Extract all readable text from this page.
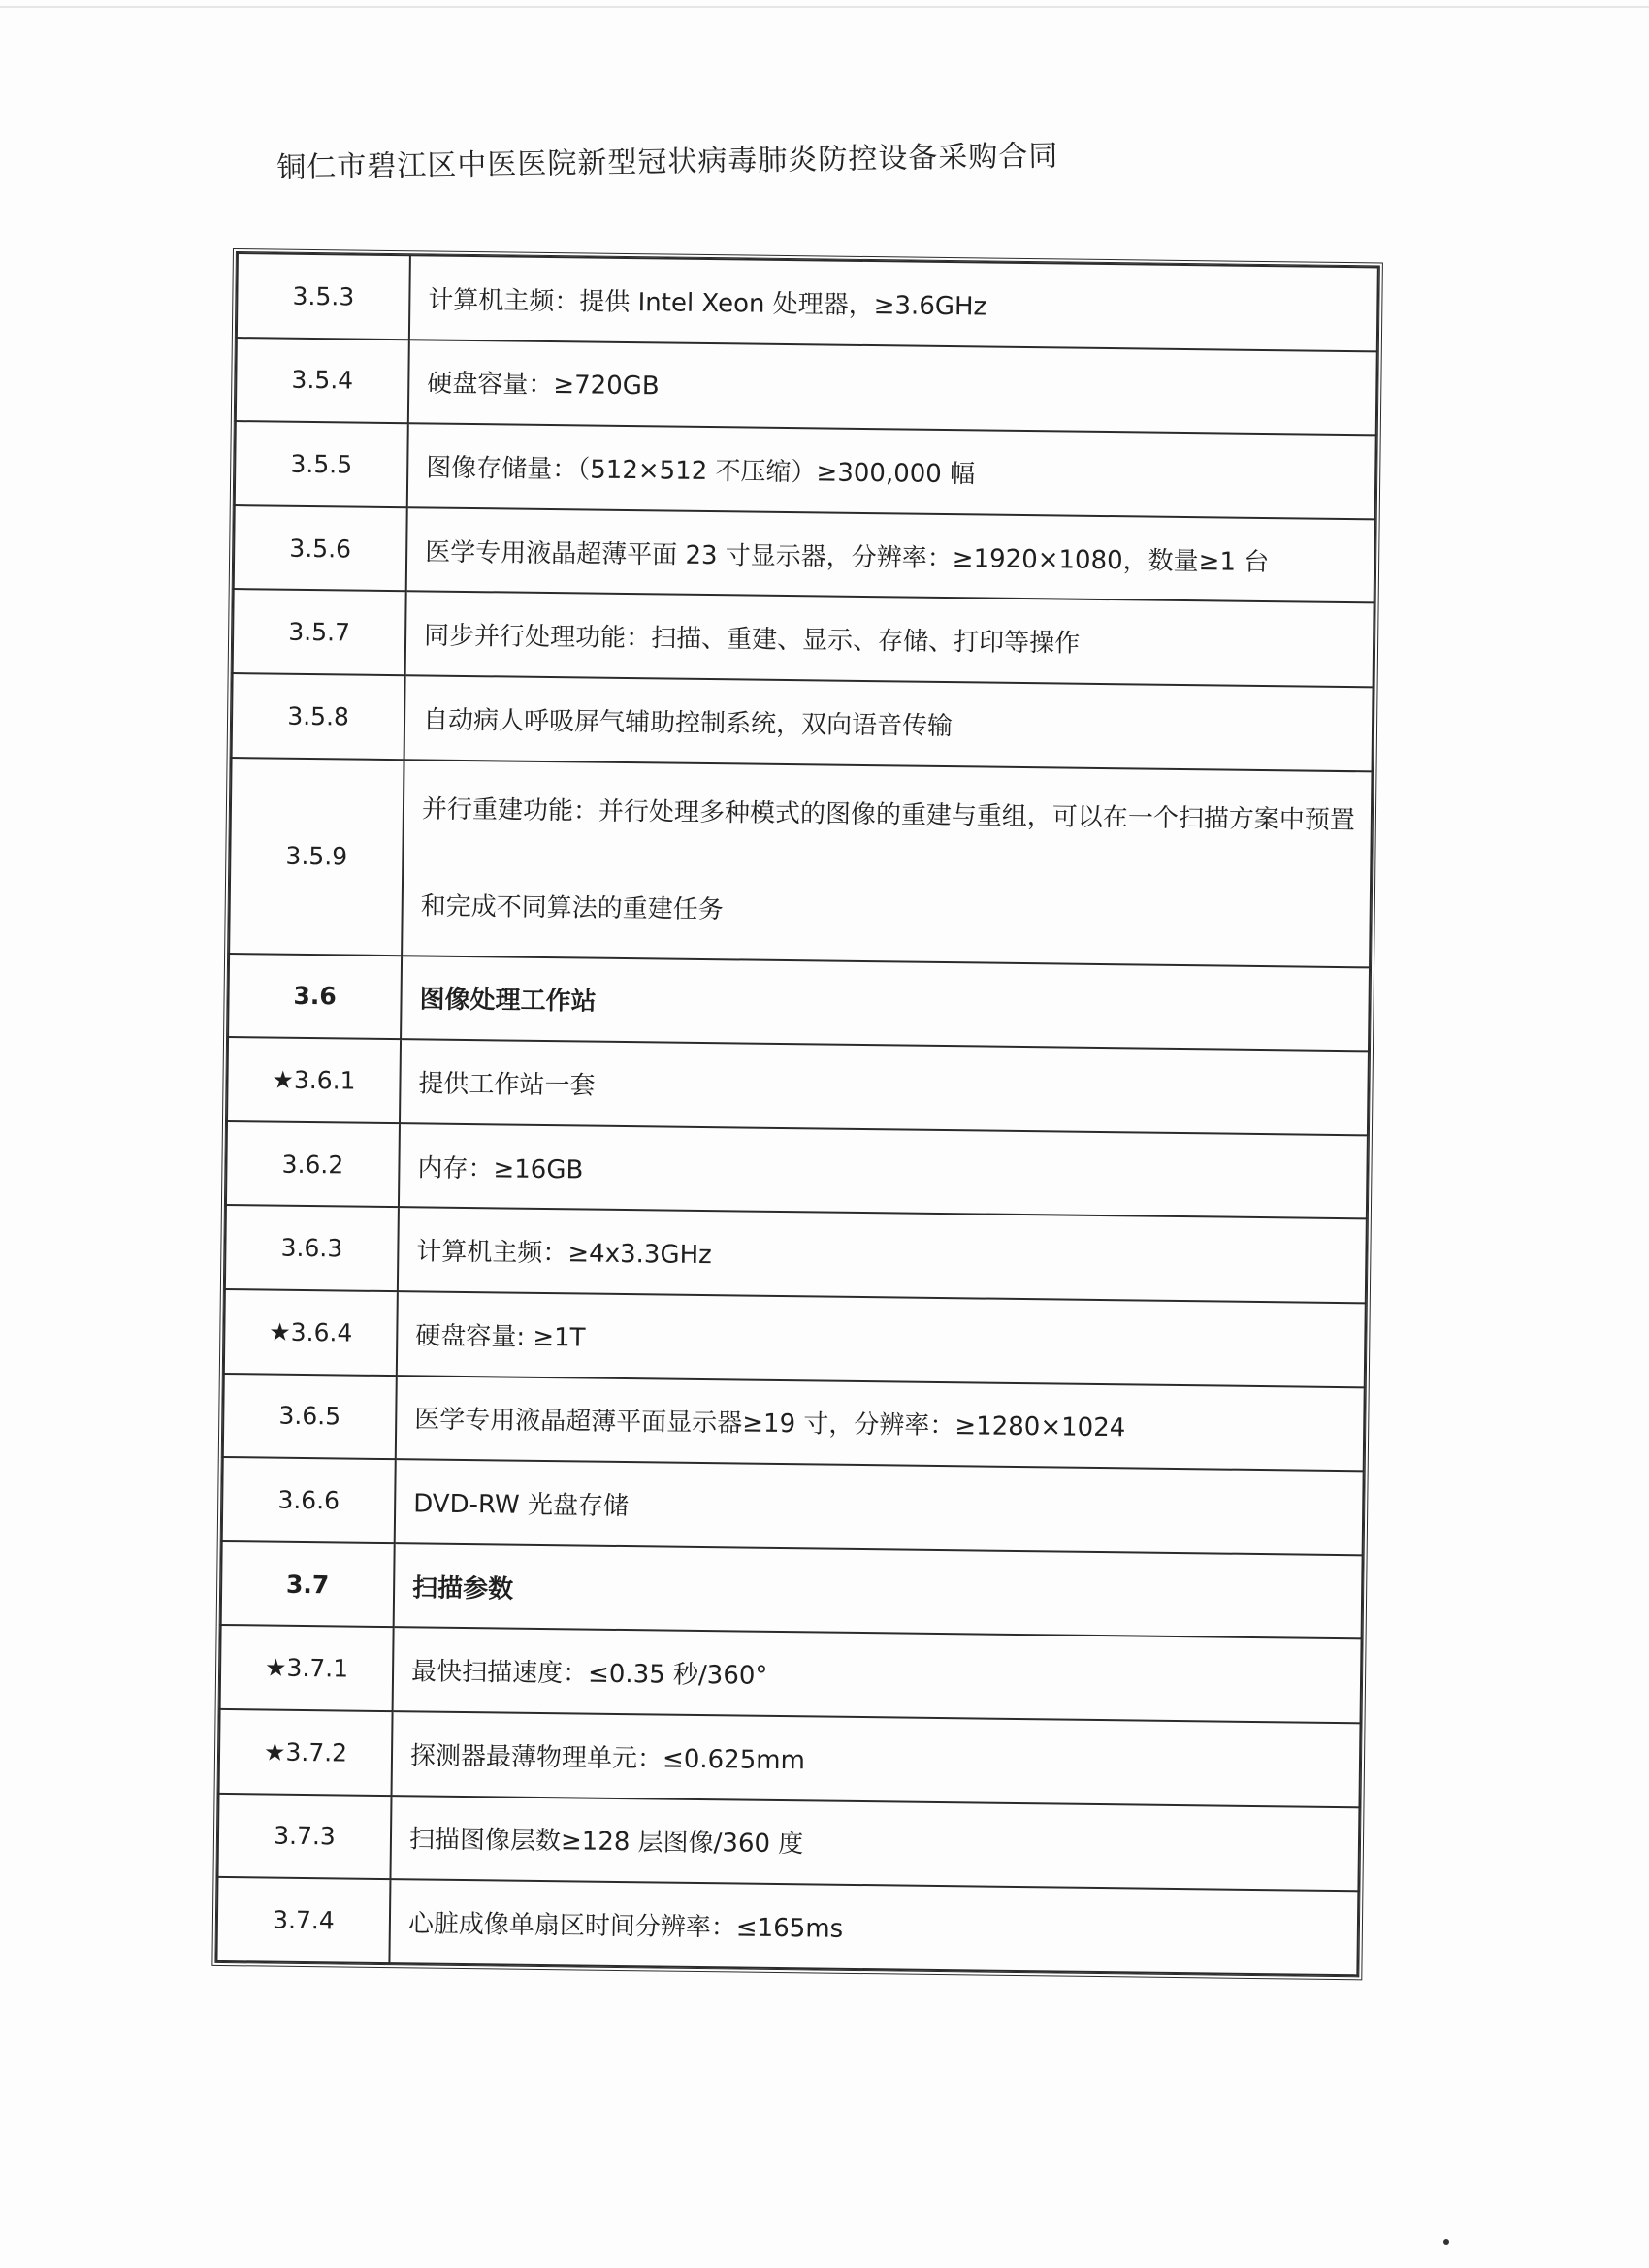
铜仁市碧江区中医医院新型冠状病毒肺炎防控设备采购合同
3.5.3	计算机主频：提供 Intel Xeon 处理器，≥3.6GHz
3.5.4	硬盘容量：≥720GB
3.5.5	图像存储量：（512×512 不压缩）≥300,000 幅
3.5.6	医学专用液晶超薄平面 23 寸显示器，分辨率：≥1920×1080，数量≥1 台
3.5.7	同步并行处理功能：扫描、重建、显示、存储、打印等操作
3.5.8	自动病人呼吸屏气辅助控制系统，双向语音传输
3.5.9	并行重建功能：并行处理多种模式的图像的重建与重组，可以在一个扫描方案中预置和完成不同算法的重建任务
3.6	图像处理工作站
★3.6.1	提供工作站一套
3.6.2	内存：≥16GB
3.6.3	计算机主频：≥4x3.3GHz
★3.6.4	硬盘容量: ≥1T
3.6.5	医学专用液晶超薄平面显示器≥19 寸，分辨率：≥1280×1024
3.6.6	DVD-RW 光盘存储
3.7	扫描参数
★3.7.1	最快扫描速度：≤0.35 秒/360°
★3.7.2	探测器最薄物理单元：≤0.625mm
3.7.3	扫描图像层数≥128 层图像/360 度
3.7.4	心脏成像单扇区时间分辨率：≤165ms
